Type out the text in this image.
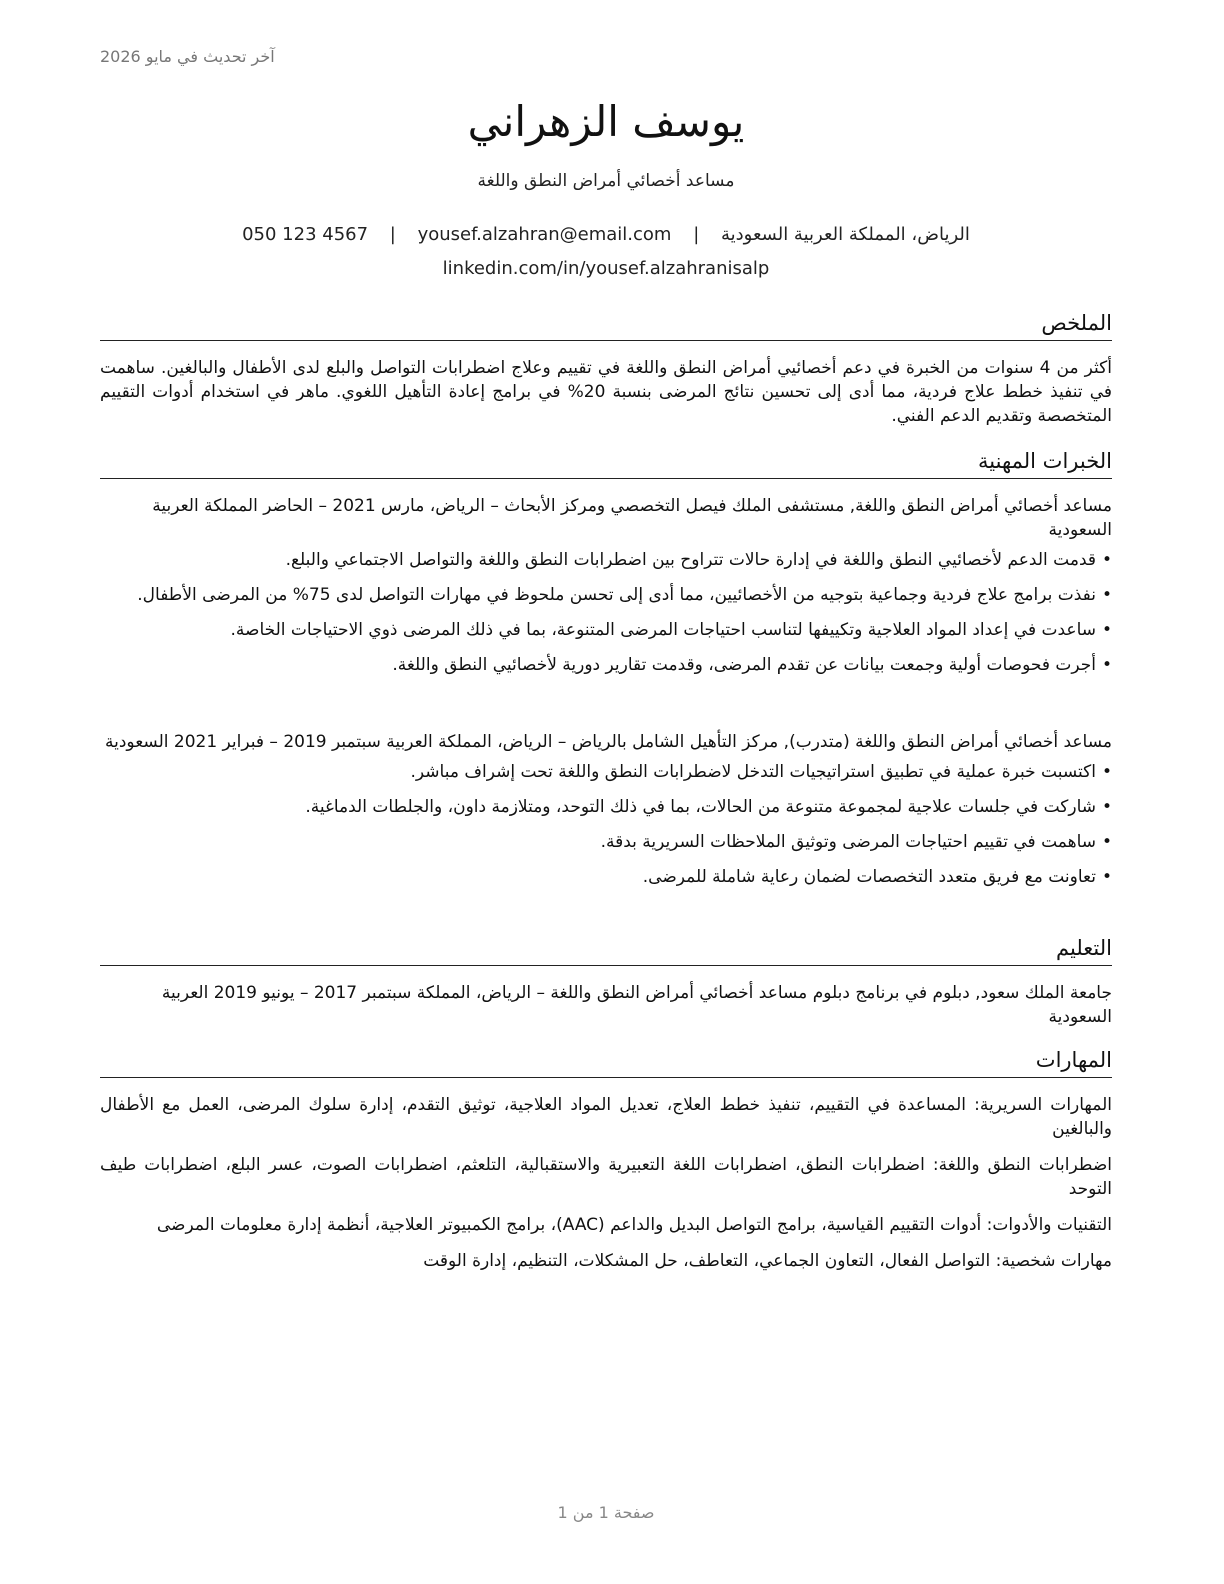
آخر تحديث في مايو 2026
يوسف الزهراني
مساعد أخصائي أمراض النطق واللغة
الرياض، المملكة العربية السعودية | yousef.alzahran@email.com | 050 123 4567
linkedin.com/in/yousef.alzahranisalp
الملخص
أكثر من 4 سنوات من الخبرة في دعم أخصائيي أمراض النطق واللغة في تقييم وعلاج اضطرابات التواصل والبلع لدى الأطفال والبالغين. ساهمت في تنفيذ خطط علاج فردية، مما أدى إلى تحسين نتائج المرضى بنسبة 20% في برامج إعادة التأهيل اللغوي. ماهر في استخدام أدوات التقييم المتخصصة وتقديم الدعم الفني.
الخبرات المهنية
مساعد أخصائي أمراض النطق واللغة, مستشفى الملك فيصل التخصصي ومركز الأبحاث – الرياض، مارس 2021 – الحاضر المملكة العربية السعودية
• قدمت الدعم لأخصائيي النطق واللغة في إدارة حالات تتراوح بين اضطرابات النطق واللغة والتواصل الاجتماعي والبلع.
• نفذت برامج علاج فردية وجماعية بتوجيه من الأخصائيين، مما أدى إلى تحسن ملحوظ في مهارات التواصل لدى 75% من المرضى الأطفال.
• ساعدت في إعداد المواد العلاجية وتكييفها لتناسب احتياجات المرضى المتنوعة، بما في ذلك المرضى ذوي الاحتياجات الخاصة.
• أجرت فحوصات أولية وجمعت بيانات عن تقدم المرضى، وقدمت تقارير دورية لأخصائيي النطق واللغة.
مساعد أخصائي أمراض النطق واللغة (متدرب), مركز التأهيل الشامل بالرياض – الرياض، المملكة العربية سبتمبر 2019 – فبراير 2021 السعودية
• اكتسبت خبرة عملية في تطبيق استراتيجيات التدخل لاضطرابات النطق واللغة تحت إشراف مباشر.
• شاركت في جلسات علاجية لمجموعة متنوعة من الحالات، بما في ذلك التوحد، ومتلازمة داون، والجلطات الدماغية.
• ساهمت في تقييم احتياجات المرضى وتوثيق الملاحظات السريرية بدقة.
• تعاونت مع فريق متعدد التخصصات لضمان رعاية شاملة للمرضى.
التعليم
جامعة الملك سعود, دبلوم في برنامج دبلوم مساعد أخصائي أمراض النطق واللغة – الرياض، المملكة سبتمبر 2017 – يونيو 2019 العربية السعودية
المهارات
المهارات السريرية: المساعدة في التقييم، تنفيذ خطط العلاج، تعديل المواد العلاجية، توثيق التقدم، إدارة سلوك المرضى، العمل مع الأطفال والبالغين
اضطرابات النطق واللغة: اضطرابات النطق، اضطرابات اللغة التعبيرية والاستقبالية، التلعثم، اضطرابات الصوت، عسر البلع، اضطرابات طيف التوحد
التقنيات والأدوات: أدوات التقييم القياسية، برامج التواصل البديل والداعم (AAC)، برامج الكمبيوتر العلاجية، أنظمة إدارة معلومات المرضى
مهارات شخصية: التواصل الفعال، التعاون الجماعي، التعاطف، حل المشكلات، التنظيم، إدارة الوقت
صفحة 1 من 1
